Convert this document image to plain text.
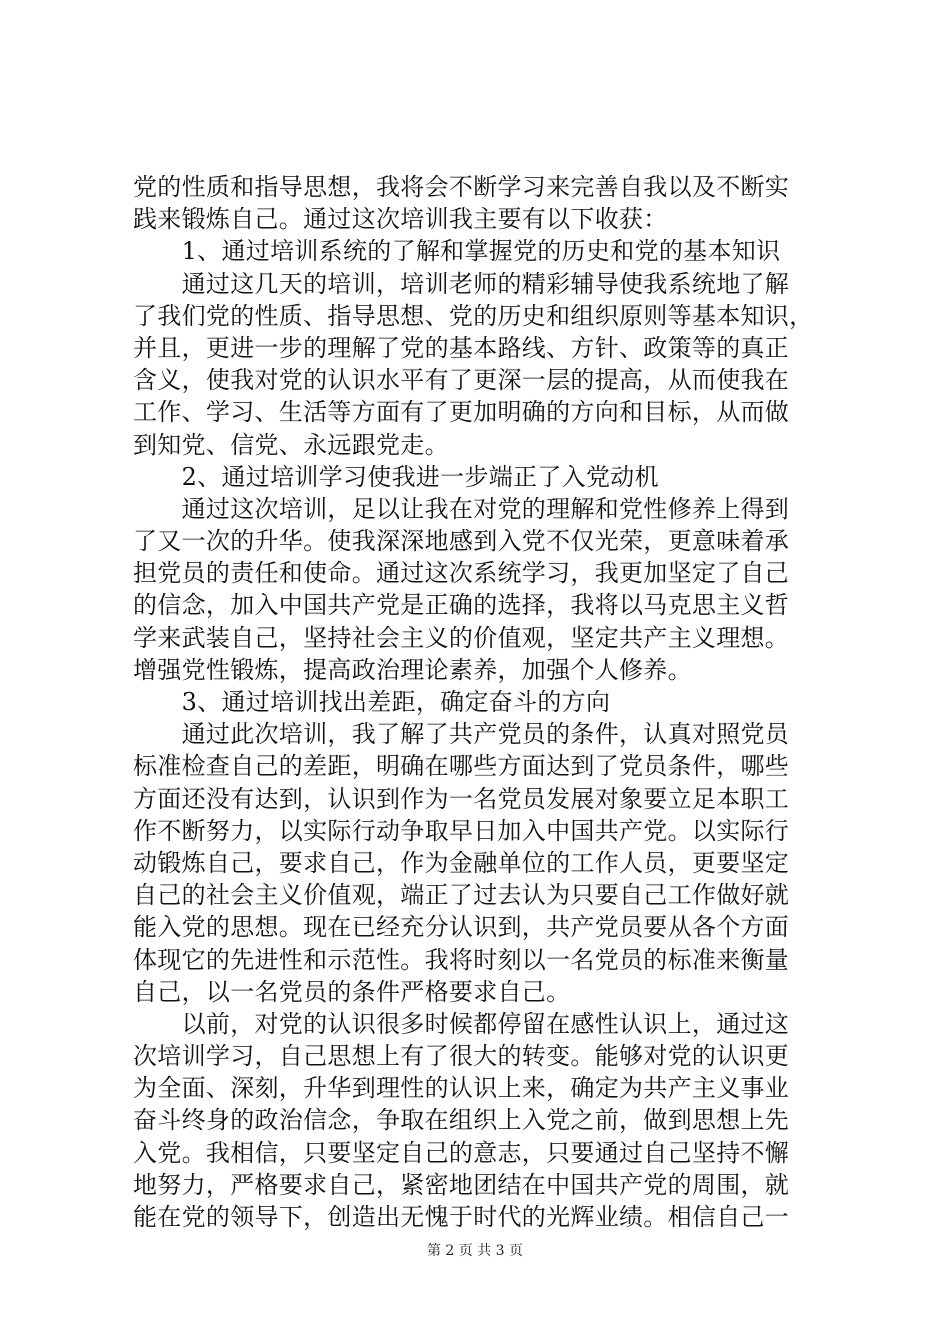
党的性质和指导思想，我将会不断学习来完善自我以及不断实
践来锻炼自己。通过这次培训我主要有以下收获：
　　1、通过培训系统的了解和掌握党的历史和党的基本知识
　　通过这几天的培训，培训老师的精彩辅导使我系统地了解
了我们党的性质、指导思想、党的历史和组织原则等基本知识，
并且，更进一步的理解了党的基本路线、方针、政策等的真正
含义，使我对党的认识水平有了更深一层的提高，从而使我在
工作、学习、生活等方面有了更加明确的方向和目标，从而做
到知党、信党、永远跟党走。
　　2、通过培训学习使我进一步端正了入党动机
　　通过这次培训，足以让我在对党的理解和党性修养上得到
了又一次的升华。使我深深地感到入党不仅光荣，更意味着承
担党员的责任和使命。通过这次系统学习，我更加坚定了自己
的信念，加入中国共产党是正确的选择，我将以马克思主义哲
学来武装自己，坚持社会主义的价值观，坚定共产主义理想。
增强党性锻炼，提高政治理论素养，加强个人修养。
　　3、通过培训找出差距，确定奋斗的方向
　　通过此次培训，我了解了共产党员的条件，认真对照党员
标准检查自己的差距，明确在哪些方面达到了党员条件，哪些
方面还没有达到，认识到作为一名党员发展对象要立足本职工
作不断努力，以实际行动争取早日加入中国共产党。以实际行
动锻炼自己，要求自己，作为金融单位的工作人员，更要坚定
自己的社会主义价值观，端正了过去认为只要自己工作做好就
能入党的思想。现在已经充分认识到，共产党员要从各个方面
体现它的先进性和示范性。我将时刻以一名党员的标准来衡量
自己，以一名党员的条件严格要求自己。
　　以前，对党的认识很多时候都停留在感性认识上，通过这
次培训学习，自己思想上有了很大的转变。能够对党的认识更
为全面、深刻，升华到理性的认识上来，确定为共产主义事业
奋斗终身的政治信念，争取在组织上入党之前，做到思想上先
入党。我相信，只要坚定自己的意志，只要通过自己坚持不懈
地努力，严格要求自己，紧密地团结在中国共产党的周围，就
能在党的领导下，创造出无愧于时代的光辉业绩。相信自己一
第 2 页 共 3 页
